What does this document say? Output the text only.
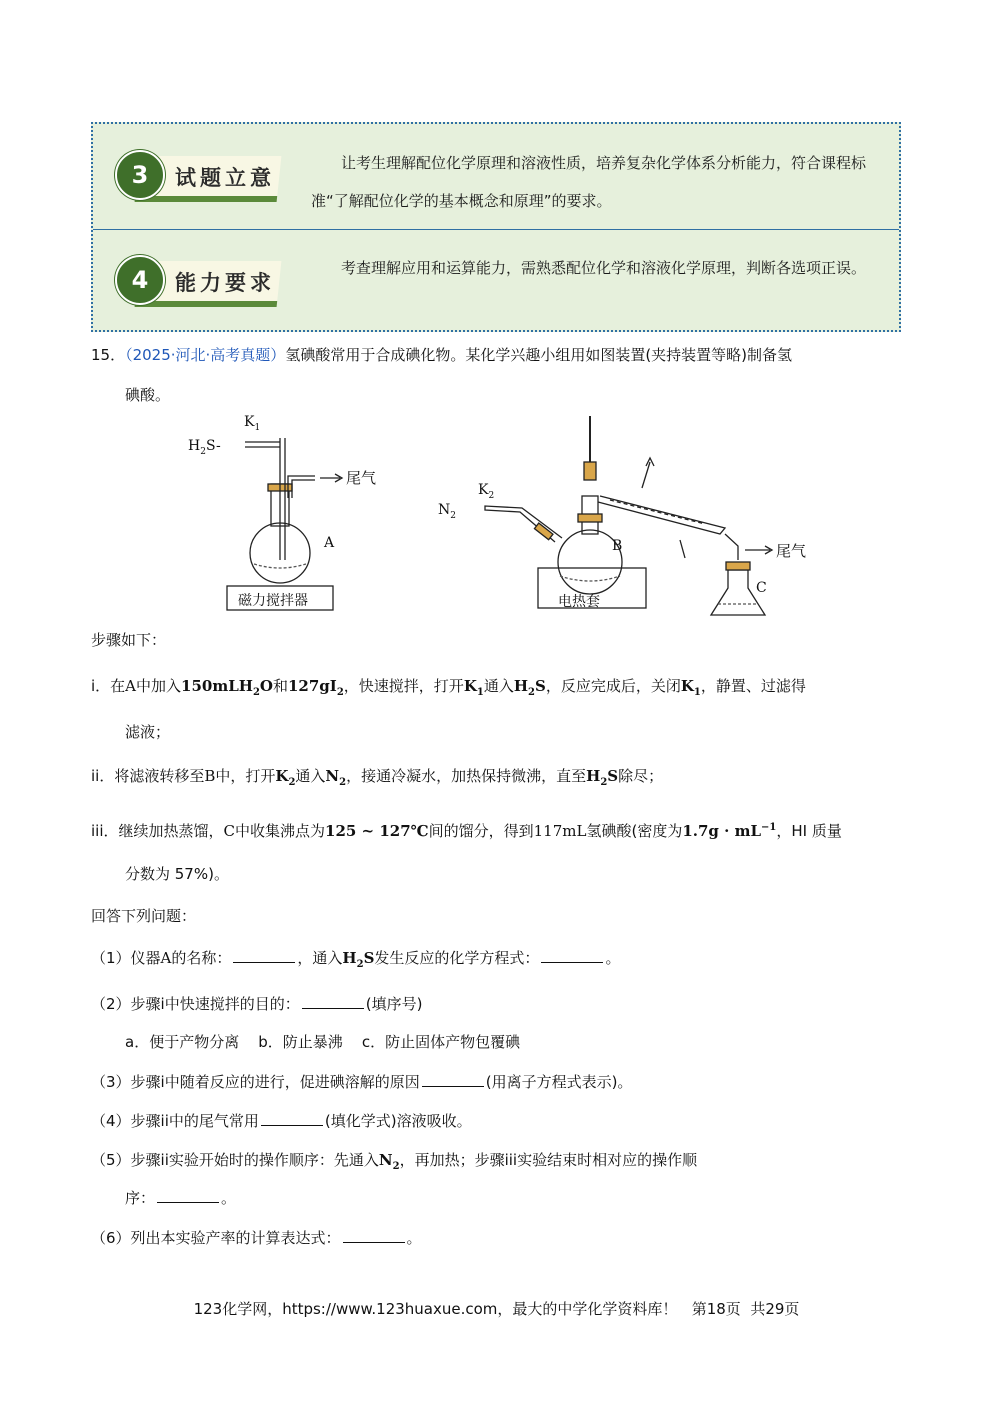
3	试题立意
让考生理解配位化学原理和溶液性质，培养复杂化学体系分析能力，符合课程标准“了解配位化学的基本概念和原理”的要求。
4	能力要求
考查理解应用和运算能力，需熟悉配位化学和溶液化学原理，判断各选项正误。
15．（2025·河北·高考真题）氢碘酸常用于合成碘化物。某化学兴趣小组用如图装置(夹持装置等略)制备氢
碘酸。
$H_2S-$
$K_1$
尾气
A
磁力搅拌器
$N_2$
$K_2$
B
电热套
尾气
C
步骤如下：
i．在A中加入150mLH$_2$O和$127gI_2$，快速搅拌，打开$K_1$通入$H_2S$，反应完成后，关闭$K_1$，静置、过滤得
滤液；
ii．将滤液转移至B中，打开$K_2$通入$N_2$，接通冷凝水，加热保持微沸，直至$H_2S$除尽；
iii．继续加热蒸馏，C中收集沸点为125 ~ 127℃间的馏分，得到117mL氢碘酸(密度为$1.7g \cdot mL^{-1}$，HI 质量
分数为 57%)。
回答下列问题：
（1）仪器A的名称：	，通入$H_2S$发生反应的化学方程式：	。
（2）步骤i中快速搅拌的目的：	(填序号)
a．便于产物分离    b．防止暴沸    c．防止固体产物包覆碘
（3）步骤i中随着反应的进行，促进碘溶解的原因	(用离子方程式表示)。
（4）步骤ii中的尾气常用	(填化学式)溶液吸收。
（5）步骤ii实验开始时的操作顺序：先通入$N_2$，再加热；步骤iii实验结束时相对应的操作顺
序：	。
（6）列出本实验产率的计算表达式：	。
123化学网，https://www.123huaxue.com，最大的中学化学资料库！   第18页  共29页
